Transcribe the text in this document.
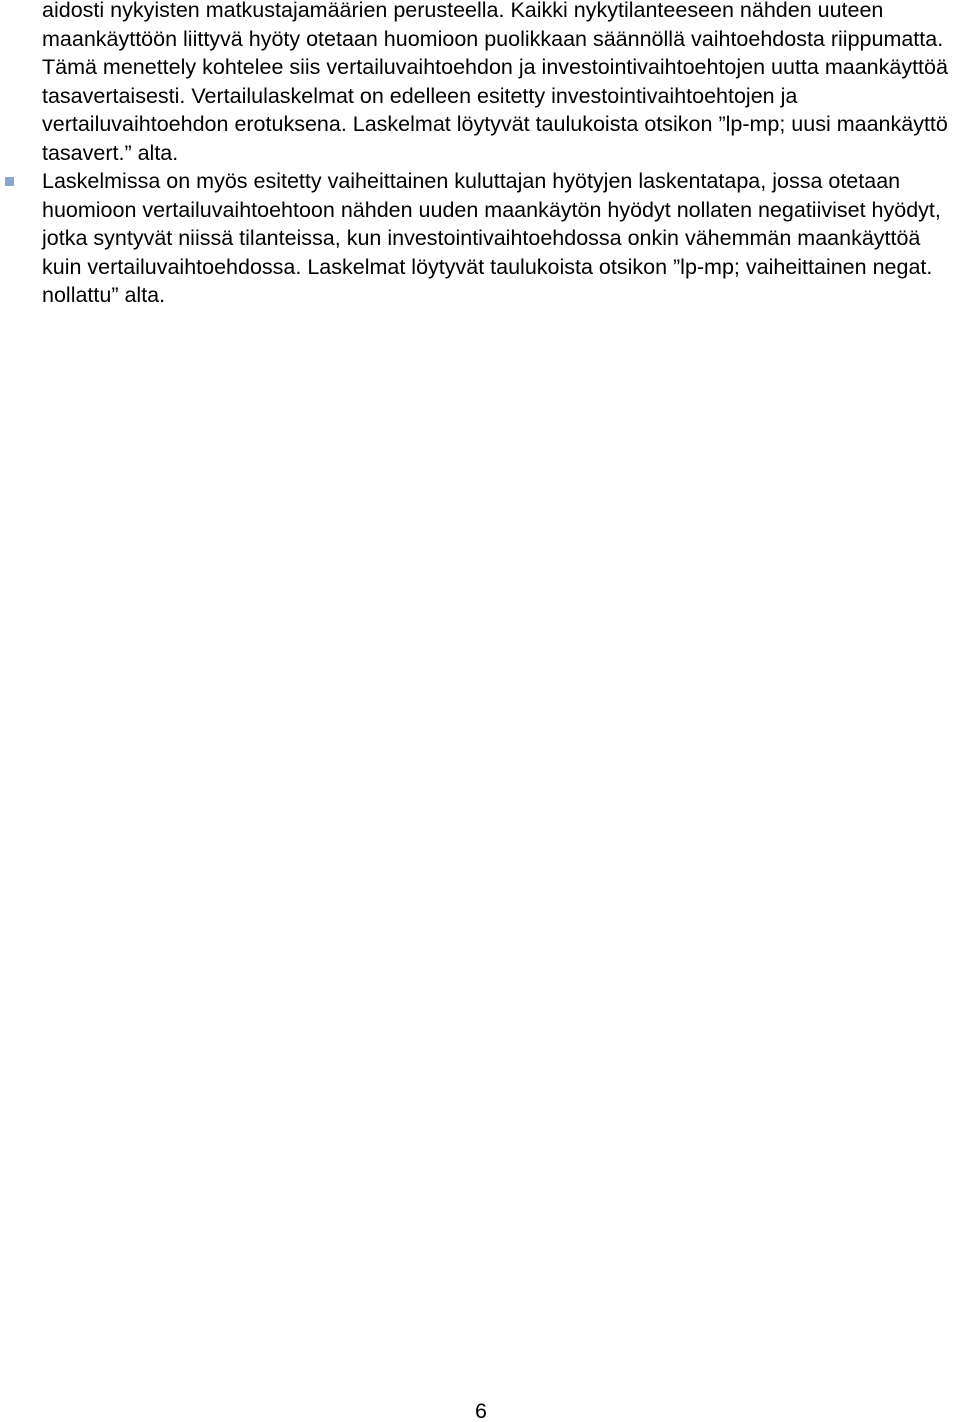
aidosti nykyisten matkustajamäärien perusteella. Kaikki nykytilanteeseen nähden uuteen
maankäyttöön liittyvä hyöty otetaan huomioon puolikkaan säännöllä vaihtoehdosta riippumatta.
Tämä menettely kohtelee siis vertailuvaihtoehdon ja investointivaihtoehtojen uutta maankäyttöä
tasavertaisesti. Vertailulaskelmat on edelleen esitetty investointivaihtoehtojen ja
vertailuvaihtoehdon erotuksena. Laskelmat löytyvät taulukoista otsikon ”lp-mp; uusi maankäyttö
tasavert.” alta.
Laskelmissa on myös esitetty vaiheittainen kuluttajan hyötyjen laskentatapa, jossa otetaan
huomioon vertailuvaihtoehtoon nähden uuden maankäytön hyödyt nollaten negatiiviset hyödyt,
jotka syntyvät niissä tilanteissa, kun investointivaihtoehdossa onkin vähemmän maankäyttöä
kuin vertailuvaihtoehdossa. Laskelmat löytyvät taulukoista otsikon ”lp-mp; vaiheittainen negat.
nollattu” alta.
6
